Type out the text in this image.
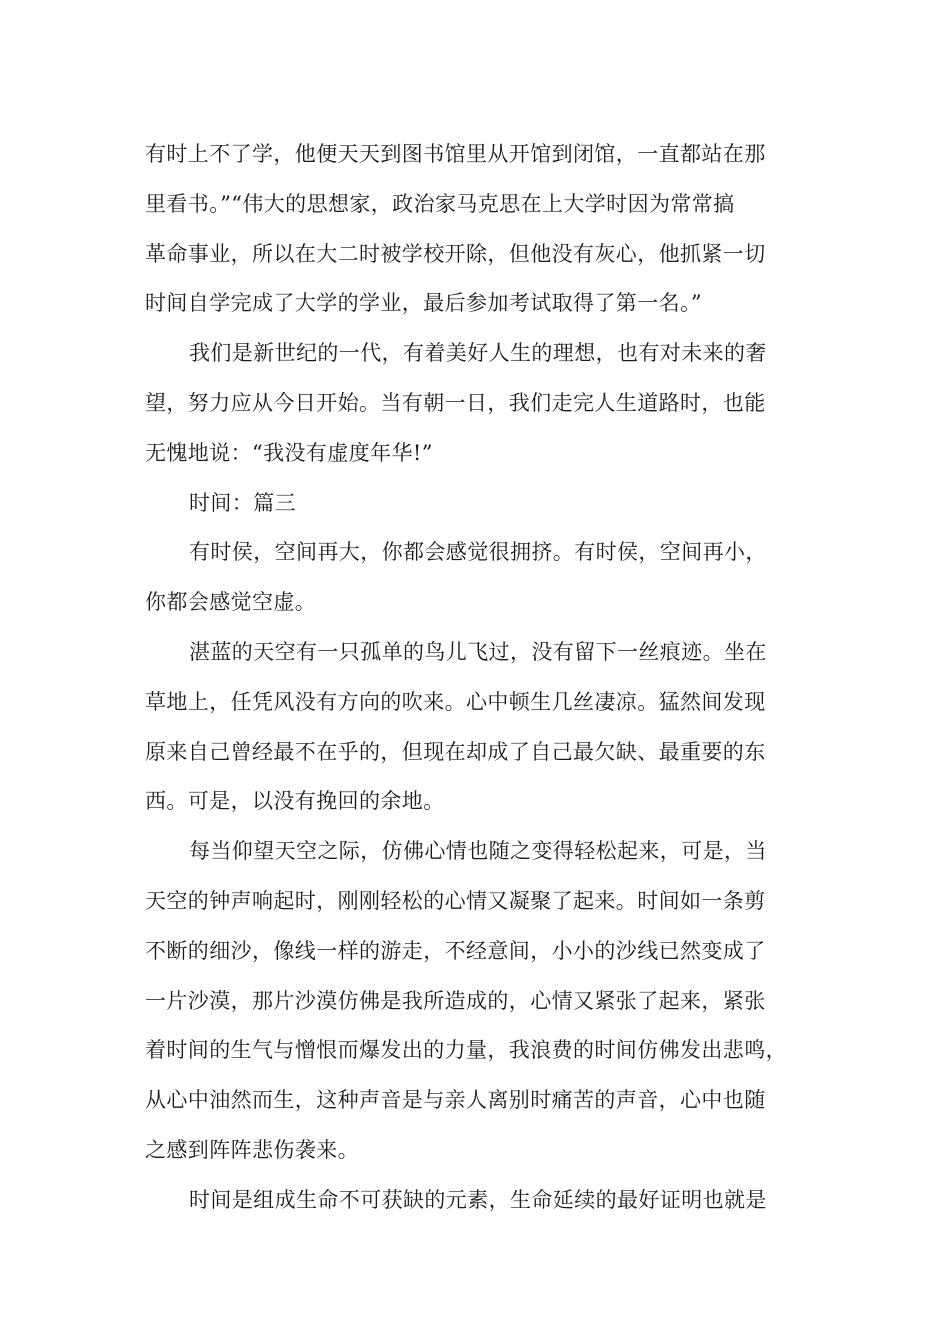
有时上不了学，他便天天到图书馆里从开馆到闭馆，一直都站在那
里看书。”“伟大的思想家，政治家马克思在上大学时因为常常搞
革命事业，所以在大二时被学校开除，但他没有灰心，他抓紧一切
时间自学完成了大学的学业，最后参加考试取得了第一名。”
我们是新世纪的一代，有着美好人生的理想，也有对未来的奢
望，努力应从今日开始。当有朝一日，我们走完人生道路时，也能
无愧地说：“我没有虚度年华!”
时间：篇三
有时侯，空间再大，你都会感觉很拥挤。有时侯，空间再小，
你都会感觉空虚。
湛蓝的天空有一只孤单的鸟儿飞过，没有留下一丝痕迹。坐在
草地上，任凭风没有方向的吹来。心中顿生几丝凄凉。猛然间发现
原来自己曾经最不在乎的，但现在却成了自己最欠缺、最重要的东
西。可是，以没有挽回的余地。
每当仰望天空之际，仿佛心情也随之变得轻松起来，可是，当
天空的钟声响起时，刚刚轻松的心情又凝聚了起来。时间如一条剪
不断的细沙，像线一样的游走，不经意间，小小的沙线已然变成了
一片沙漠，那片沙漠仿佛是我所造成的，心情又紧张了起来，紧张
着时间的生气与憎恨而爆发出的力量，我浪费的时间仿佛发出悲鸣，
从心中油然而生，这种声音是与亲人离别时痛苦的声音，心中也随
之感到阵阵悲伤袭来。
时间是组成生命不可获缺的元素，生命延续的最好证明也就是
